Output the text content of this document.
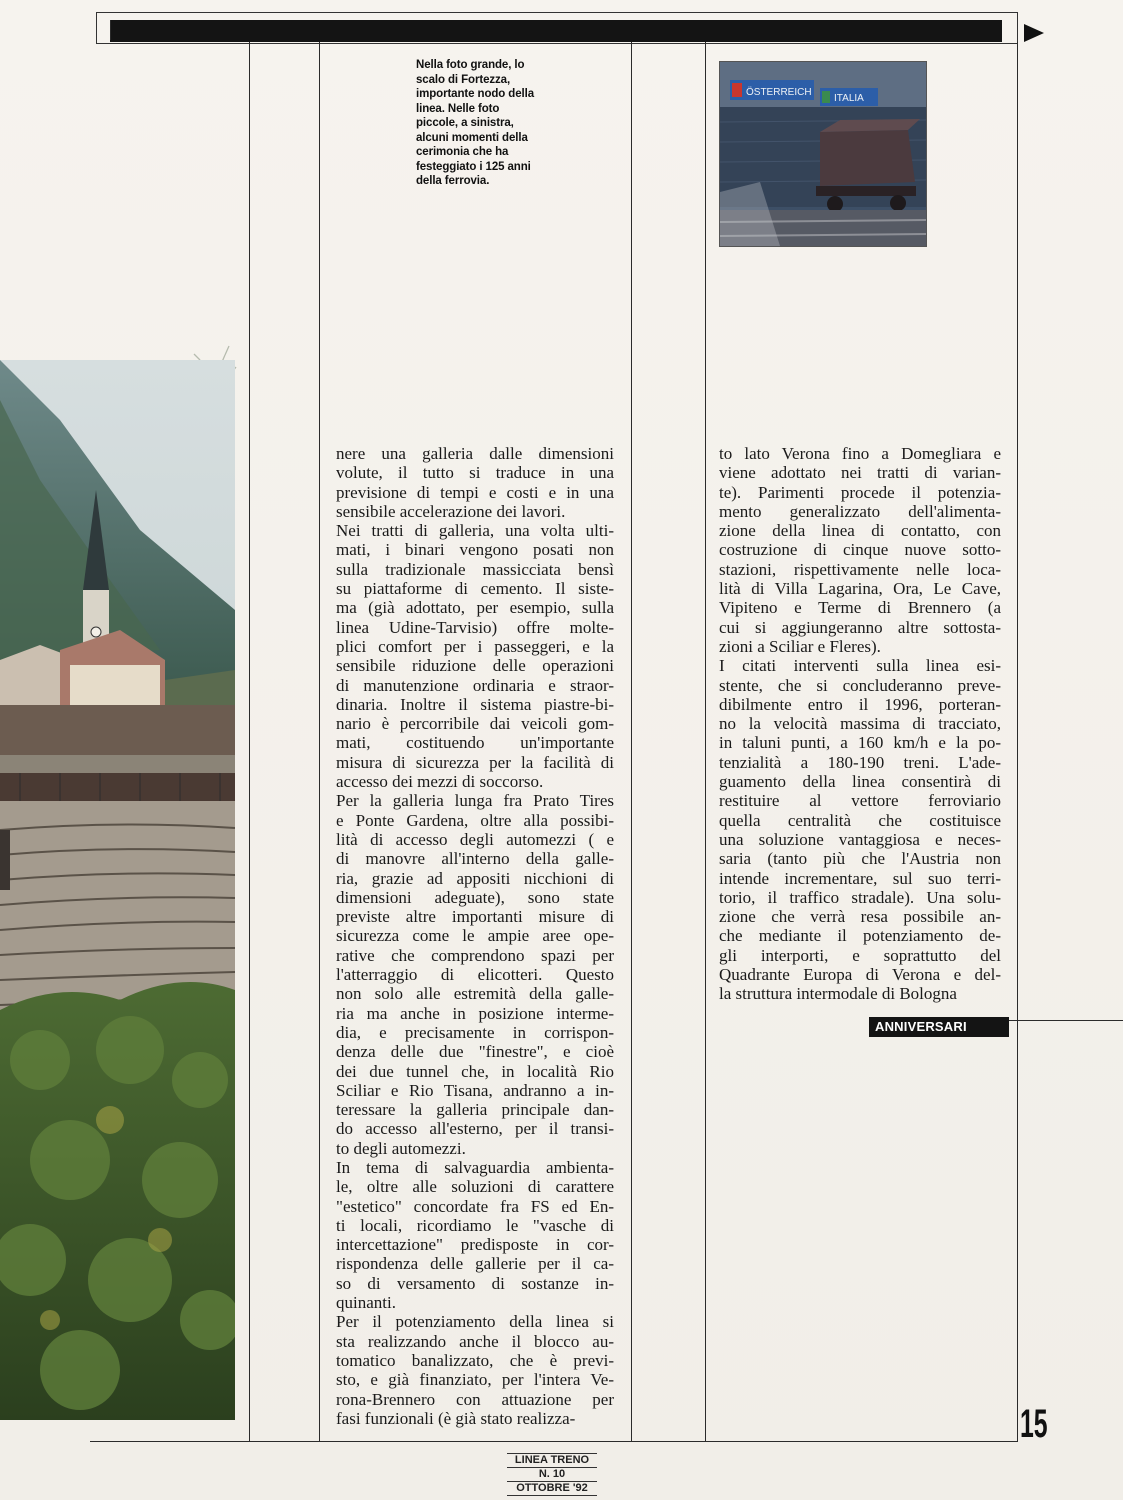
Nella foto grande, lo
scalo di Fortezza,
importante nodo della
linea. Nelle foto
piccole, a sinistra,
alcuni momenti della
cerimonia che ha
festeggiato i 125 anni
della ferrovia.
ÖSTERREICH
ITALIA
nere una galleria dalle dimensioni
volute, il tutto si traduce in una
previsione di tempi e costi e in una
sensibile accelerazione dei lavori.
Nei tratti di galleria, una volta ulti-
mati, i binari vengono posati non
sulla tradizionale massicciata bensì
su piattaforme di cemento. Il siste-
ma (già adottato, per esempio, sulla
linea Udine-Tarvisio) offre molte-
plici comfort per i passeggeri, e la
sensibile riduzione delle operazioni
di manutenzione ordinaria e straor-
dinaria. Inoltre il sistema piastre-bi-
nario è percorribile dai veicoli gom-
mati, costituendo un'importante
misura di sicurezza per la facilità di
accesso dei mezzi di soccorso.
Per la galleria lunga fra Prato Tires
e Ponte Gardena, oltre alla possibi-
lità di accesso degli automezzi ( e
di manovre all'interno della galle-
ria, grazie ad appositi nicchioni di
dimensioni adeguate), sono state
previste altre importanti misure di
sicurezza come le ampie aree ope-
rative che comprendono spazi per
l'atterraggio di elicotteri. Questo
non solo alle estremità della galle-
ria ma anche in posizione interme-
dia, e precisamente in corrispon-
denza delle due "finestre", e cioè
dei due tunnel che, in località Rio
Sciliar e Rio Tisana, andranno a in-
teressare la galleria principale dan-
do accesso all'esterno, per il transi-
to degli automezzi.
In tema di salvaguardia ambienta-
le, oltre alle soluzioni di carattere
"estetico" concordate fra FS ed En-
ti locali, ricordiamo le "vasche di
intercettazione" predisposte in cor-
rispondenza delle gallerie per il ca-
so di versamento di sostanze in-
quinanti.
Per il potenziamento della linea si
sta realizzando anche il blocco au-
tomatico banalizzato, che è previ-
sto, e già finanziato, per l'intera Ve-
rona-Brennero con attuazione per
fasi funzionali (è già stato realizza-
to lato Verona fino a Domegliara e
viene adottato nei tratti di varian-
te). Parimenti procede il potenzia-
mento generalizzato dell'alimenta-
zione della linea di contatto, con
costruzione di cinque nuove sotto-
stazioni, rispettivamente nelle loca-
lità di Villa Lagarina, Ora, Le Cave,
Vipiteno e Terme di Brennero (a
cui si aggiungeranno altre sottosta-
zioni a Sciliar e Fleres).
I citati interventi sulla linea esi-
stente, che si concluderanno preve-
dibilmente entro il 1996, porteran-
no la velocità massima di tracciato,
in taluni punti, a 160 km/h e la po-
tenzialità a 180-190 treni. L'ade-
guamento della linea consentirà di
restituire al vettore ferroviario
quella centralità che costituisce
una soluzione vantaggiosa e neces-
saria (tanto più che l'Austria non
intende incrementare, sul suo terri-
torio, il traffico stradale). Una solu-
zione che verrà resa possibile an-
che mediante il potenziamento de-
gli interporti, e soprattutto del
Quadrante Europa di Verona e del-
la struttura intermodale di Bologna
ANNIVERSARI
15
LINEA TRENO
N. 10
OTTOBRE '92
